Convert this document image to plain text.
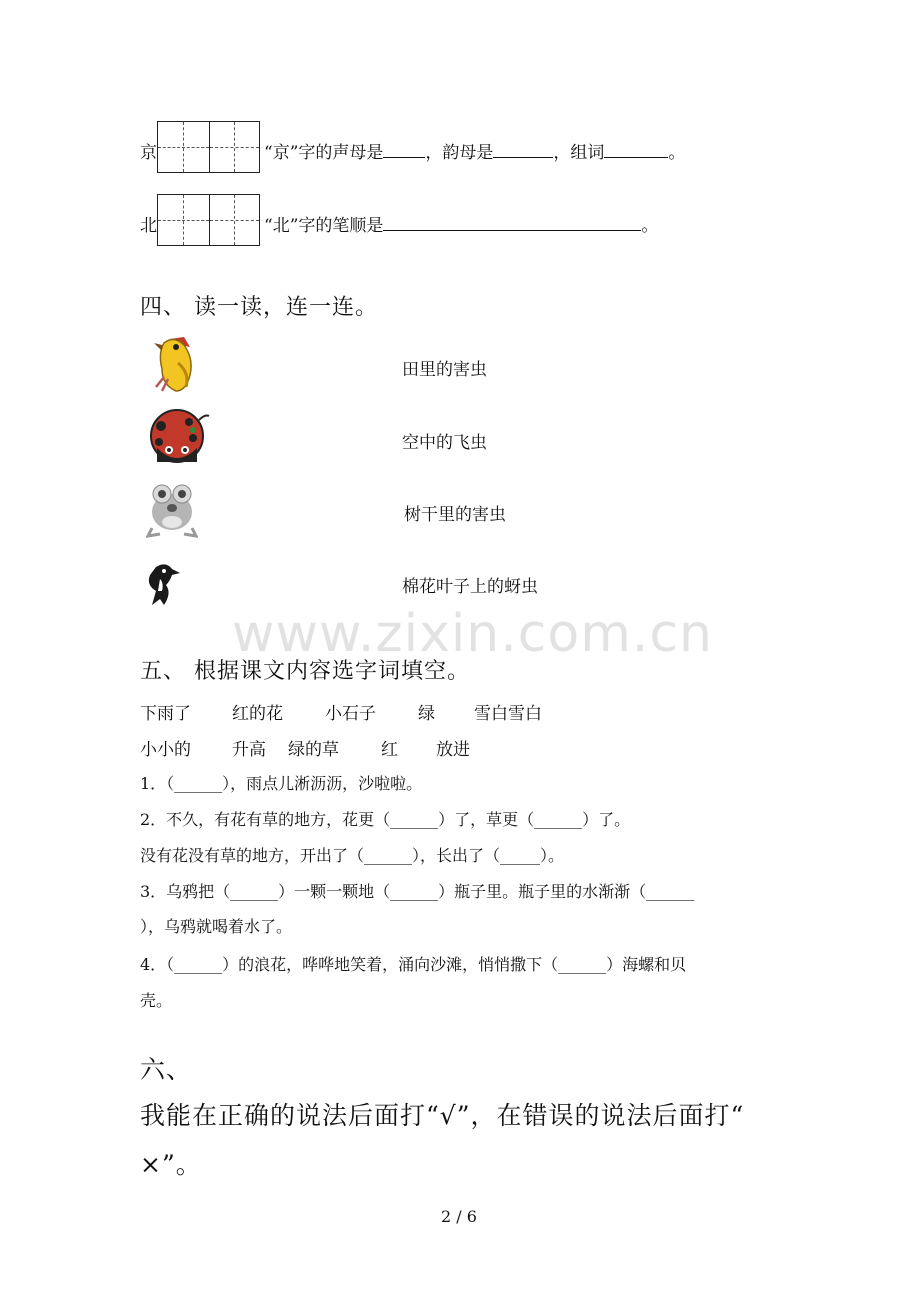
京	“京”字的声母是 ，韵母是	，组词	。
北	“北”字的笔顺是	。
四、 读一读，连一连。
田里的害虫
空中的飞虫
树干里的害虫
棉花叶子上的蚜虫
www.zixin.com.cn
五、 根据课文内容选字词填空。
下雨了 红的花 小石子 绿 雪白雪白
小小的 升高 绿的草 红 放进
1．（______），雨点儿淅沥沥，沙啦啦。
2．不久，有花有草的地方，花更（______）了，草更（______）了。
没有花没有草的地方，开出了（______），长出了（_____）。
3．乌鸦把（______）一颗一颗地（______）瓶子里。瓶子里的水渐渐（______
），乌鸦就喝着水了。
4．（______）的浪花，哗哗地笑着，涌向沙滩，悄悄撒下（______）海螺和贝
壳。
六、
我能在正确的说法后面打“√”，在错误的说法后面打“
×”。
2 / 6
